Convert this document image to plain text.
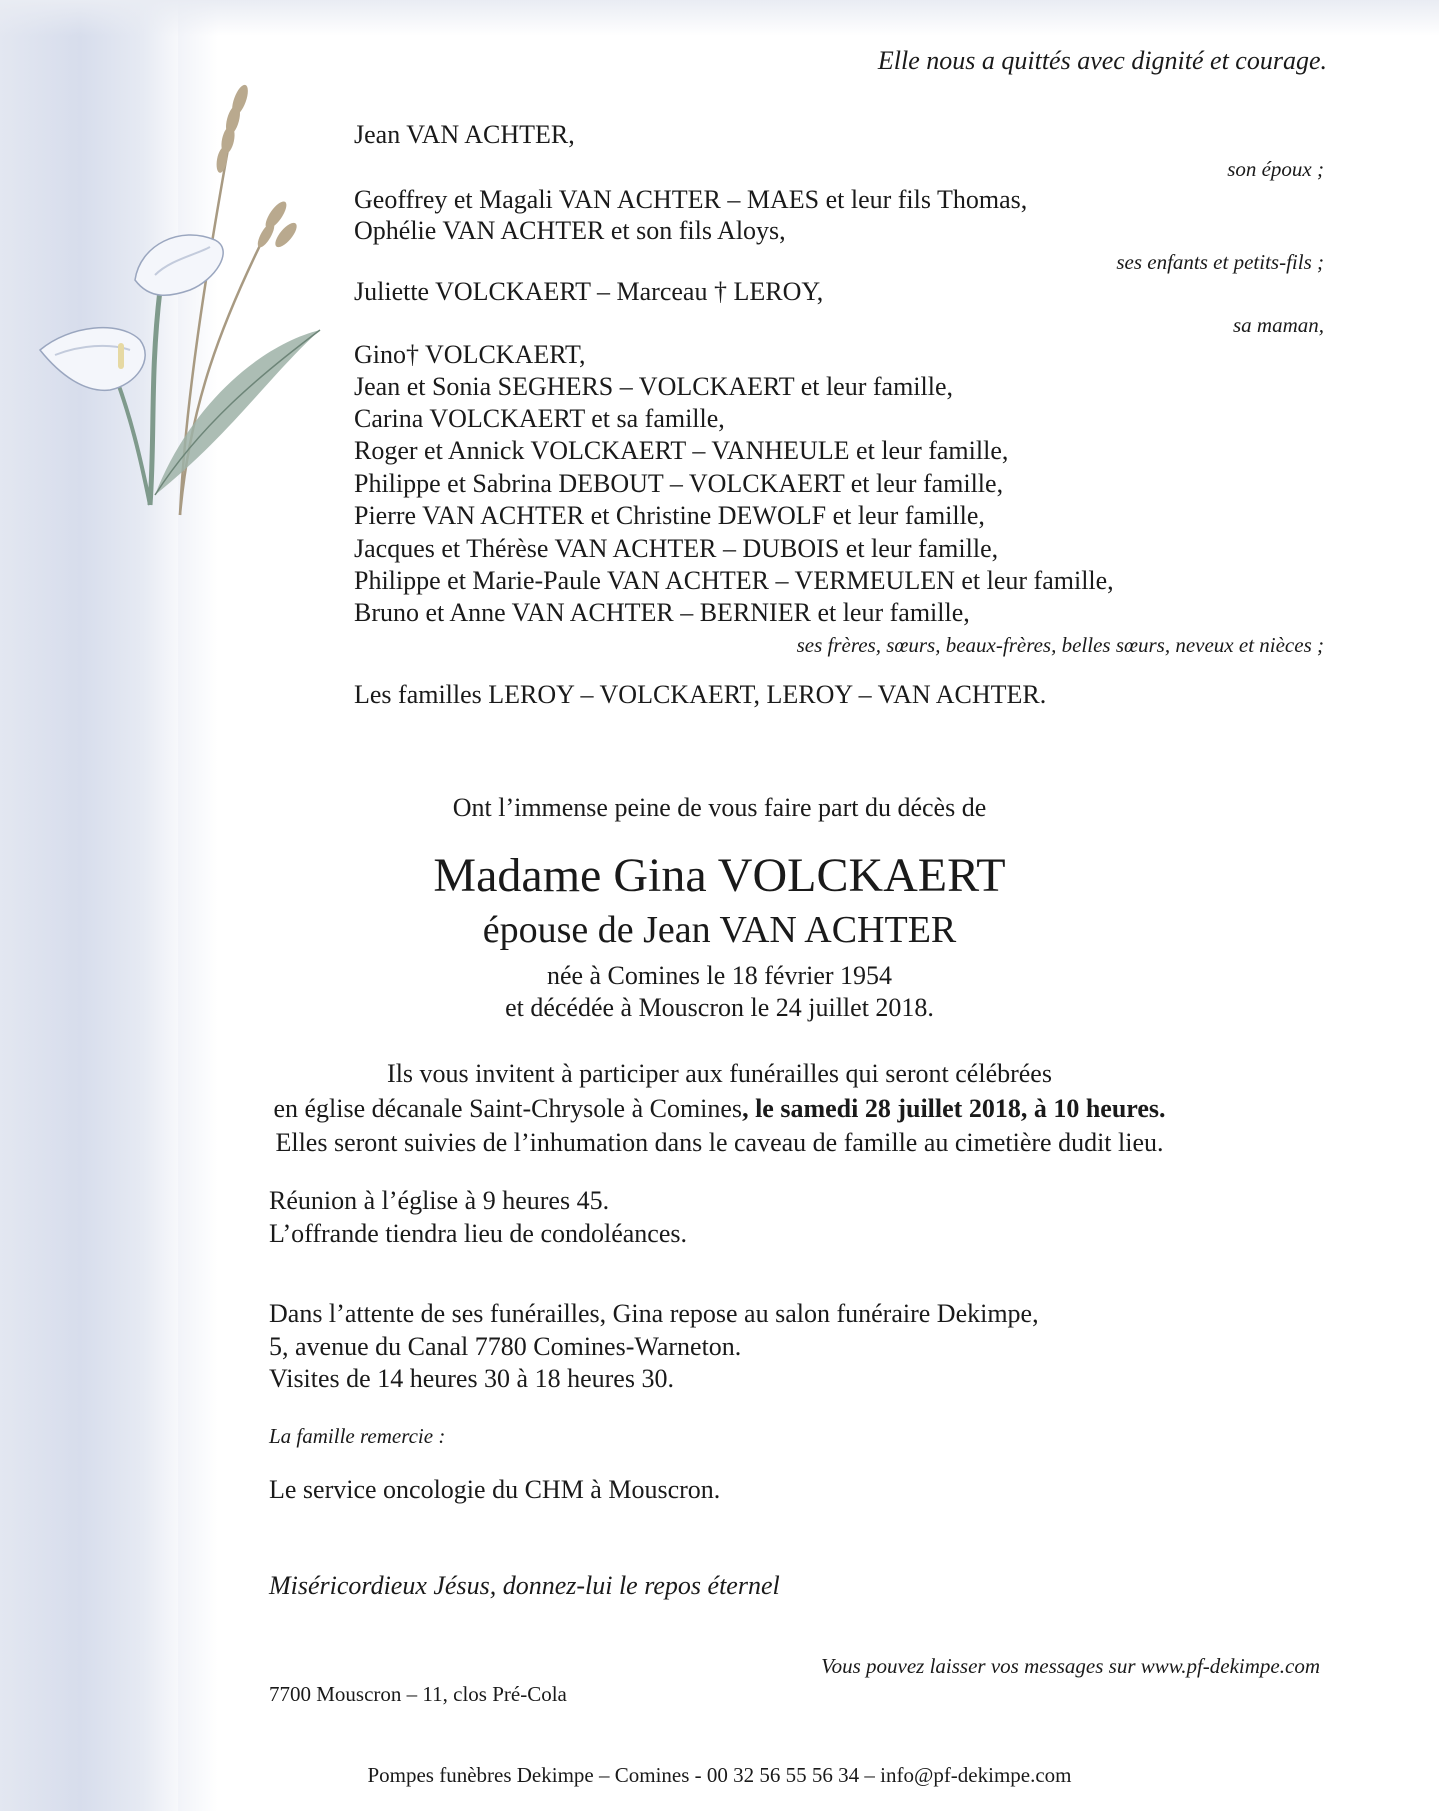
Elle nous a quittés avec dignité et courage.

Jean VAN ACHTER,

son époux ;

Geoffrey et Magali VAN ACHTER – MAES et leur fils Thomas,

Ophélie VAN ACHTER et son fils Aloys,

ses enfants et petits-fils ;

Juliette VOLCKAERT – Marceau † LEROY,

sa maman,

Gino† VOLCKAERT,

Jean et Sonia SEGHERS – VOLCKAERT et leur famille,

Carina VOLCKAERT et sa famille,

Roger et Annick VOLCKAERT – VANHEULE et leur famille,

Philippe et Sabrina DEBOUT – VOLCKAERT et leur famille,

Pierre VAN ACHTER et Christine DEWOLF et leur famille,

Jacques et Thérèse VAN ACHTER – DUBOIS et leur famille,

Philippe et Marie-Paule VAN ACHTER – VERMEULEN et leur famille,

Bruno et Anne VAN ACHTER – BERNIER et leur famille,

ses frères, sœurs, beaux-frères, belles sœurs, neveux et nièces ;

Les familles LEROY – VOLCKAERT, LEROY – VAN ACHTER.

Ont l’immense peine de vous faire part du décès de

Madame Gina VOLCKAERT

épouse de Jean VAN ACHTER

née à Comines le 18 février 1954

et décédée à Mouscron le 24 juillet 2018.

Ils vous invitent à participer aux funérailles qui seront célébrées

en église décanale Saint-Chrysole à Comines, le samedi 28 juillet 2018, à 10 heures.

Elles seront suivies de l’inhumation dans le caveau de famille au cimetière dudit lieu.

Réunion à l’église à 9 heures 45.

L’offrande tiendra lieu de condoléances.

Dans l’attente de ses funérailles, Gina repose au salon funéraire Dekimpe,

5, avenue du Canal 7780 Comines-Warneton.

Visites de 14 heures 30 à 18 heures 30.

La famille remercie :

Le service oncologie du CHM à Mouscron.

Miséricordieux Jésus, donnez-lui le repos éternel

Vous pouvez laisser vos messages sur www.pf-dekimpe.com

7700 Mouscron – 11, clos Pré-Cola

Pompes funèbres Dekimpe – Comines - 00 32 56 55 56 34 – info@pf-dekimpe.com
